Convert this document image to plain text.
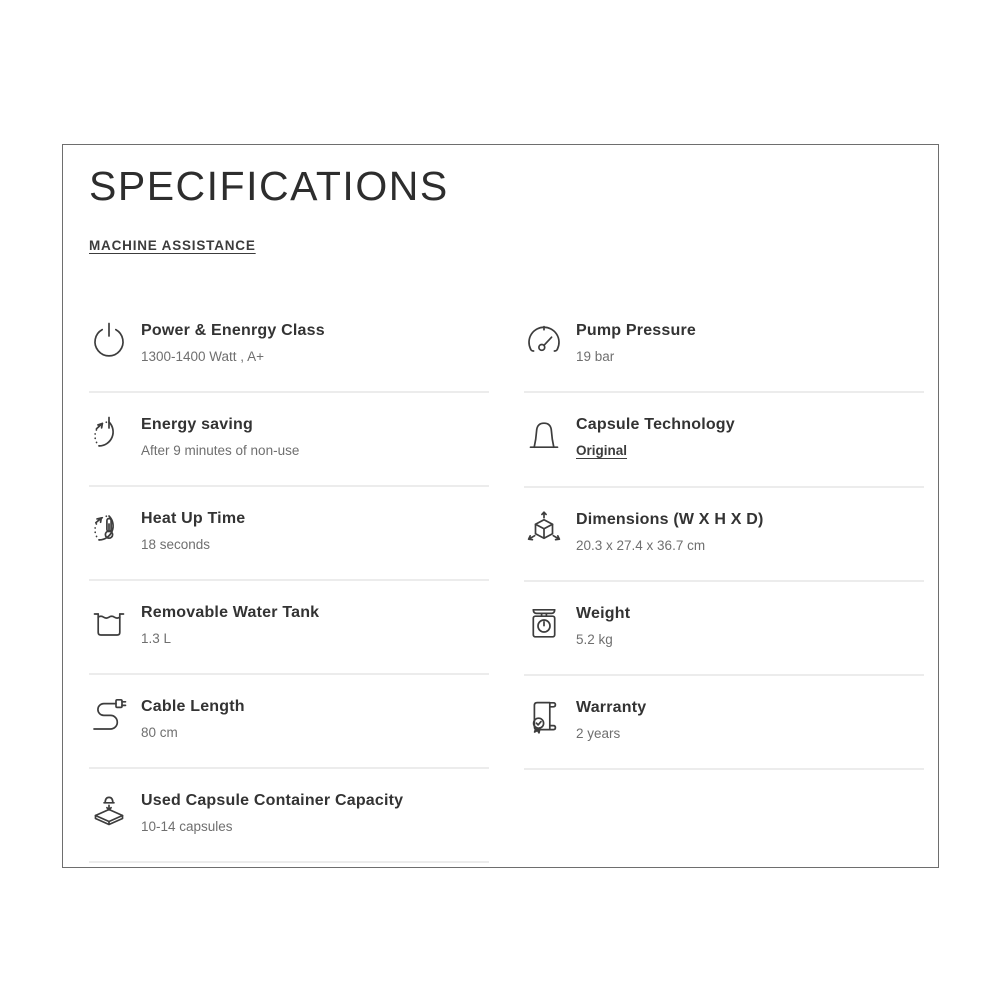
SPECIFICATIONS
MACHINE ASSISTANCE
Power & Enenrgy Class
1300-1400 Watt , A+
Energy saving
After 9 minutes of non-use
Heat Up Time
18 seconds
Removable Water Tank
1.3 L
Cable Length
80 cm
Used Capsule Container Capacity
10-14 capsules
Pump Pressure
19 bar
Capsule Technology
Original
Dimensions (W X H X D)
20.3 x 27.4 x 36.7 cm
Weight
5.2 kg
Warranty
2 years
